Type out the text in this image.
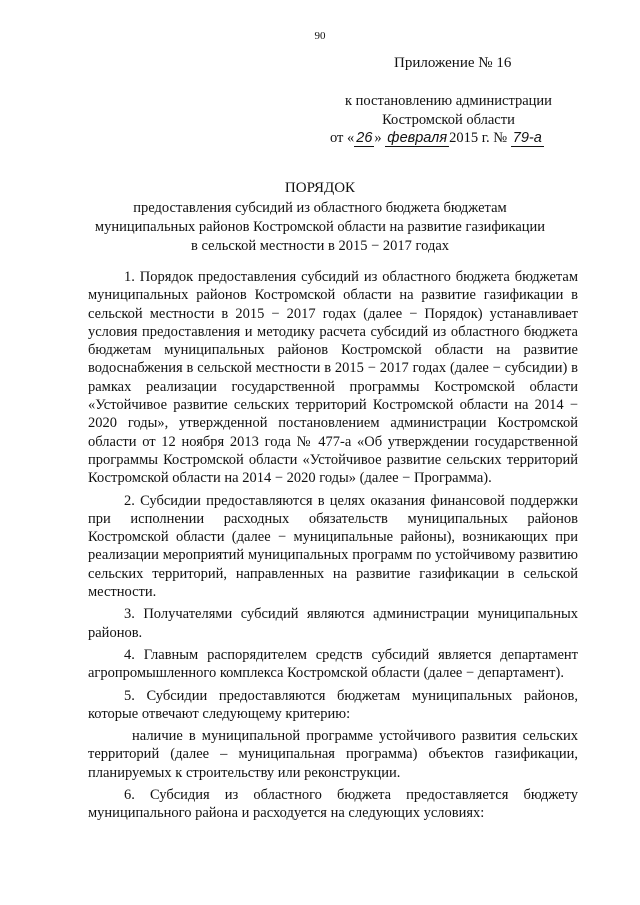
90
Приложение № 16
к постановлению администрации
Костромской области
от « 26 » февраля 2015 г. № 79-а
ПОРЯДОК
предоставления субсидий из областного бюджета бюджетам
муниципальных районов Костромской области на развитие газификации
в сельской местности в 2015 − 2017 годах

1. Порядок предоставления субсидий из областного бюджета бюджетам муниципальных районов Костромской области на развитие газификации в сельской местности в 2015 − 2017 годах (далее − Порядок) устанавливает условия предоставления и методику расчета субсидий из областного бюджета бюджетам муниципальных районов Костромской области на развитие водоснабжения в сельской местности в 2015 − 2017 годах (далее − субсидии) в рамках реализации государственной программы Костромской области «Устойчивое развитие сельских территорий Костромской области на 2014 − 2020 годы», утвержденной постановлением администрации Костромской области от 12 ноября 2013 года № 477-а «Об утверждении государственной программы Костромской области «Устойчивое развитие сельских территорий Костромской области на 2014 − 2020 годы» (далее − Программа).

2. Субсидии предоставляются в целях оказания финансовой поддержки при исполнении расходных обязательств муниципальных районов Костромской области (далее − муниципальные районы), возникающих при реализации мероприятий муниципальных программ по устойчивому развитию сельских территорий, направленных на развитие газификации в сельской местности.

3. Получателями субсидий являются администрации муниципальных районов.

4. Главным распорядителем средств субсидий является департамент агропромышленного комплекса Костромской области (далее − департамент).

5. Субсидии предоставляются бюджетам муниципальных районов, которые отвечают следующему критерию:

наличие в муниципальной программе устойчивого развития сельских территорий (далее – муниципальная программа) объектов газификации, планируемых к строительству или реконструкции.

6. Субсидия из областного бюджета предоставляется бюджету муниципального района и расходуется на следующих условиях:
